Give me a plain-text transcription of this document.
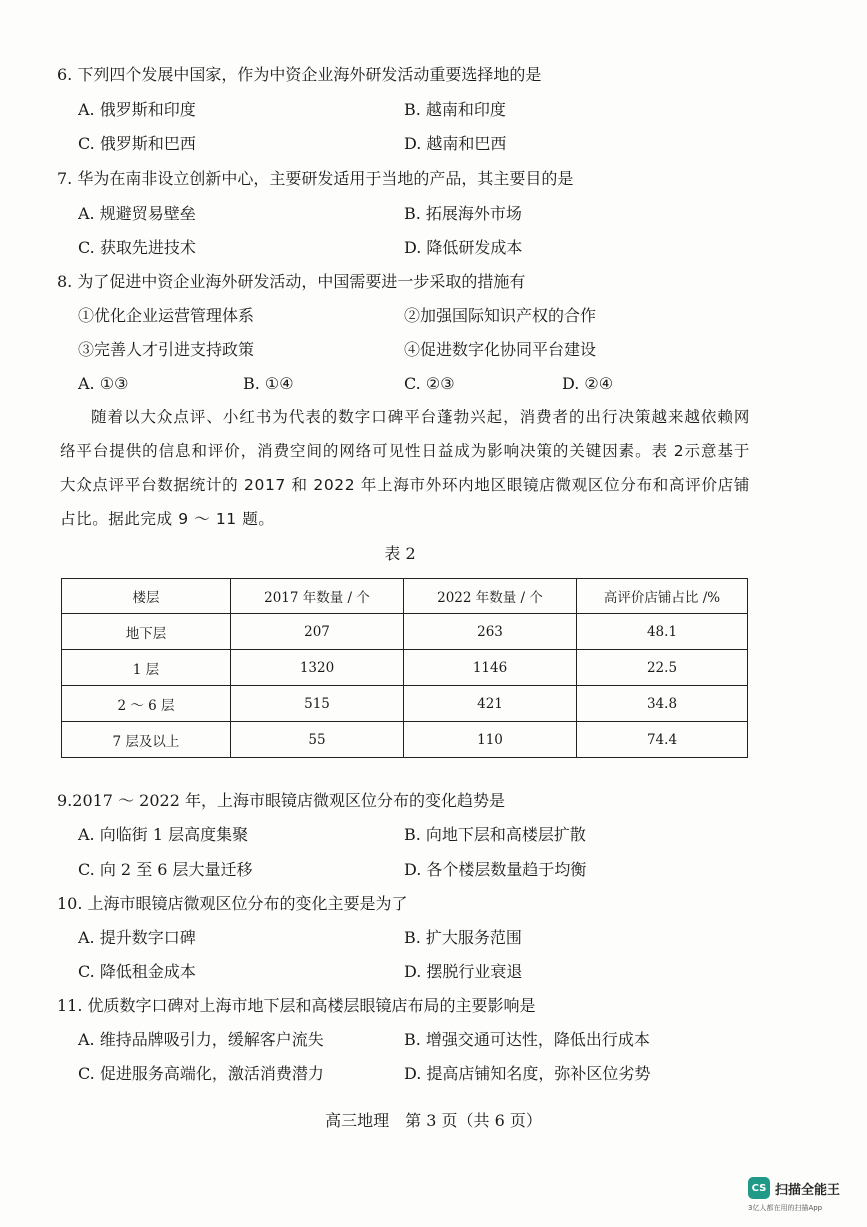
6. 下列四个发展中国家，作为中资企业海外研发活动重要选择地的是
A. 俄罗斯和印度	B. 越南和印度
C. 俄罗斯和巴西	D. 越南和巴西
7. 华为在南非设立创新中心，主要研发适用于当地的产品，其主要目的是
A. 规避贸易壁垒	B. 拓展海外市场
C. 获取先进技术	D. 降低研发成本
8. 为了促进中资企业海外研发活动，中国需要进一步采取的措施有
①优化企业运营管理体系	②加强国际知识产权的合作
③完善人才引进支持政策	④促进数字化协同平台建设
A. ①③	B. ①④	C. ②③	D. ②④
随着以大众点评、小红书为代表的数字口碑平台蓬勃兴起，消费者的出行决策越来越依赖网络平台提供的信息和评价，消费空间的网络可见性日益成为影响决策的关键因素。表 2示意基于大众点评平台数据统计的 2017 和 2022 年上海市外环内地区眼镜店微观区位分布和高评价店铺占比。据此完成 9 ～ 11 题。
表 2
楼层	2017 年数量 / 个	2022 年数量 / 个	高评价店铺占比 /%
地下层	207	263	48.1
1 层	1320	1146	22.5
2 ～ 6 层	515	421	34.8
7 层及以上	55	110	74.4
9.2017 ～ 2022 年，上海市眼镜店微观区位分布的变化趋势是
A. 向临街 1 层高度集聚	B. 向地下层和高楼层扩散
C. 向 2 至 6 层大量迁移	D. 各个楼层数量趋于均衡
10. 上海市眼镜店微观区位分布的变化主要是为了
A. 提升数字口碑	B. 扩大服务范围
C. 降低租金成本	D. 摆脱行业衰退
11. 优质数字口碑对上海市地下层和高楼层眼镜店布局的主要影响是
A. 维持品牌吸引力，缓解客户流失	B. 增强交通可达性，降低出行成本
C. 促进服务高端化，激活消费潜力	D. 提高店铺知名度，弥补区位劣势
高三地理　第 3 页（共 6 页）
CS 扫描全能王
3亿人都在用的扫描App
